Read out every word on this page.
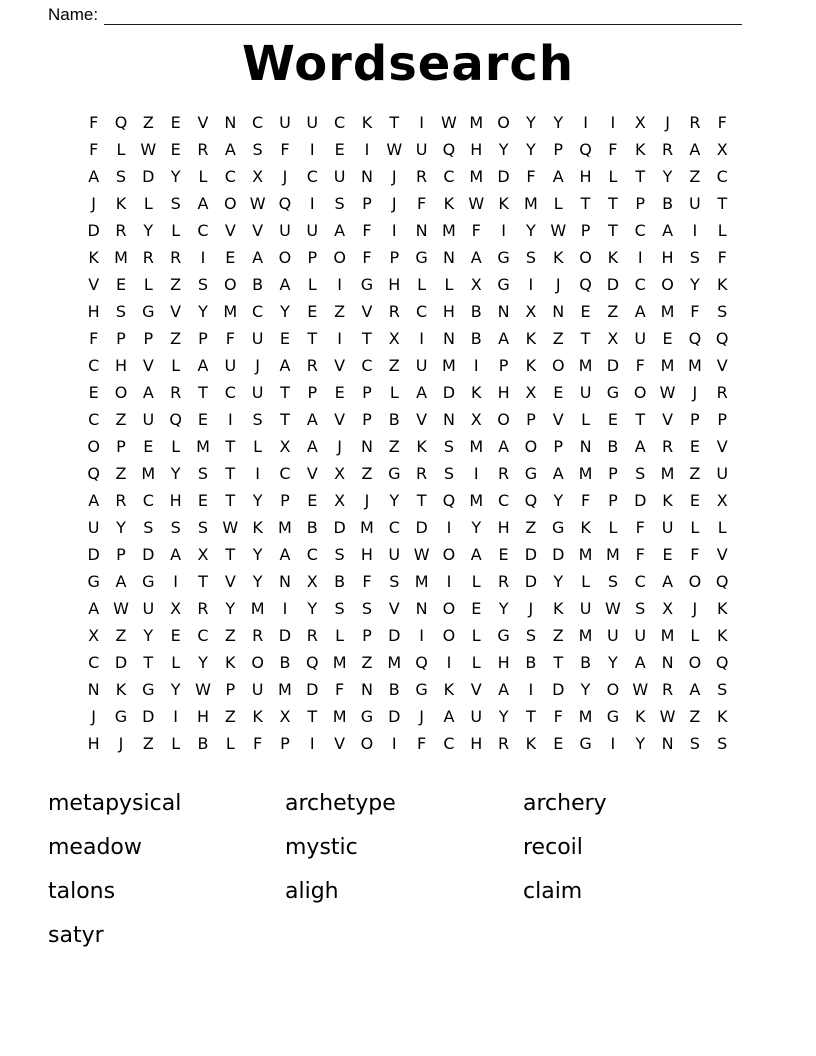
Name:
Wordsearch
F	Q Z	E	V N C U U C	K	T	I	W M O	Y	Y	I	I	X	J	R	F
F	L W E	R	A	S	F	I	E	I	W U Q H	Y	Y	P	Q	F	K	R	A	X
A	S	D	Y	L	C	X	J	C U N	J	R	C M D	F	A H	L	T	Y	Z	C
J	K	L	S	A O W Q	I	S	P	J	F	K W K M L	T	T	P	B U	T
D R	Y	L	C	V	V U U	A	F	I	N M F	I	Y W P	T	C	A	I	L
K M R	R	I	E	A O	P	O	F	P	G N A G	S	K O K	I	H	S	F
V	E	L	Z	S O B	A	L	I	G H	L	L	X G	I	J	Q D C O	Y	K
H	S	G V	Y M C	Y	E	Z	V	R	C H B N X N	E	Z	A M F	S
F	P	P	Z	P	F	U	E	T	I	T	X	I	N B	A	K	Z	T	X U	E Q Q
C H V	L	A U	J	A	R	V	C	Z U M	I	P	K O M D	F M M V
E O A	R	T	C U	T	P	E	P	L	A D K	H X	E	U G O W	J	R
C	Z U Q E	I	S	T	A	V	P	B	V N X O	P	V	L	E	T	V	P	P
O	P	E	L M T	L	X	A	J	N Z	K	S M A O	P	N B	A	R	E	V
Q Z M Y	S	T	I	C	V	X	Z G R	S	I	R G A M P	S M Z U
A	R	C H	E	T	Y	P	E	X	J	Y	T	Q M C Q	Y	F	P	D K	E	X
U	Y	S	S	S W K M B D M C D	I	Y	H Z G K	L	F	U	L	L
D	P	D A	X	T	Y	A	C	S	H U W O A	E	D D M M F	E	F	V
G A G	I	T	V	Y	N X	B	F	S M	I	L	R D	Y	L	S	C	A O Q
A W U X	R	Y M	I	Y	S	S	V N O E	Y	J	K	U W S	X	J	K
X	Z	Y	E	C	Z	R D R	L	P	D	I	O	L	G	S	Z M U U M L	K
C D	T	L	Y	K O B Q M Z M Q	I	L	H B	T	B	Y	A N O Q
N	K G	Y W P	U M D	F	N B G K	V	A	I	D	Y	O W R	A	S
J	G D	I	H Z	K	X	T M G D	J	A U	Y	T	F M G K W Z	K
H	J	Z	L	B	L	F	P	I	V O	I	F	C H R	K	E	G	I	Y	N	S	S
metapysical
meadow
talons
satyr
archetype
mystic
aligh
archery
recoil
claim
